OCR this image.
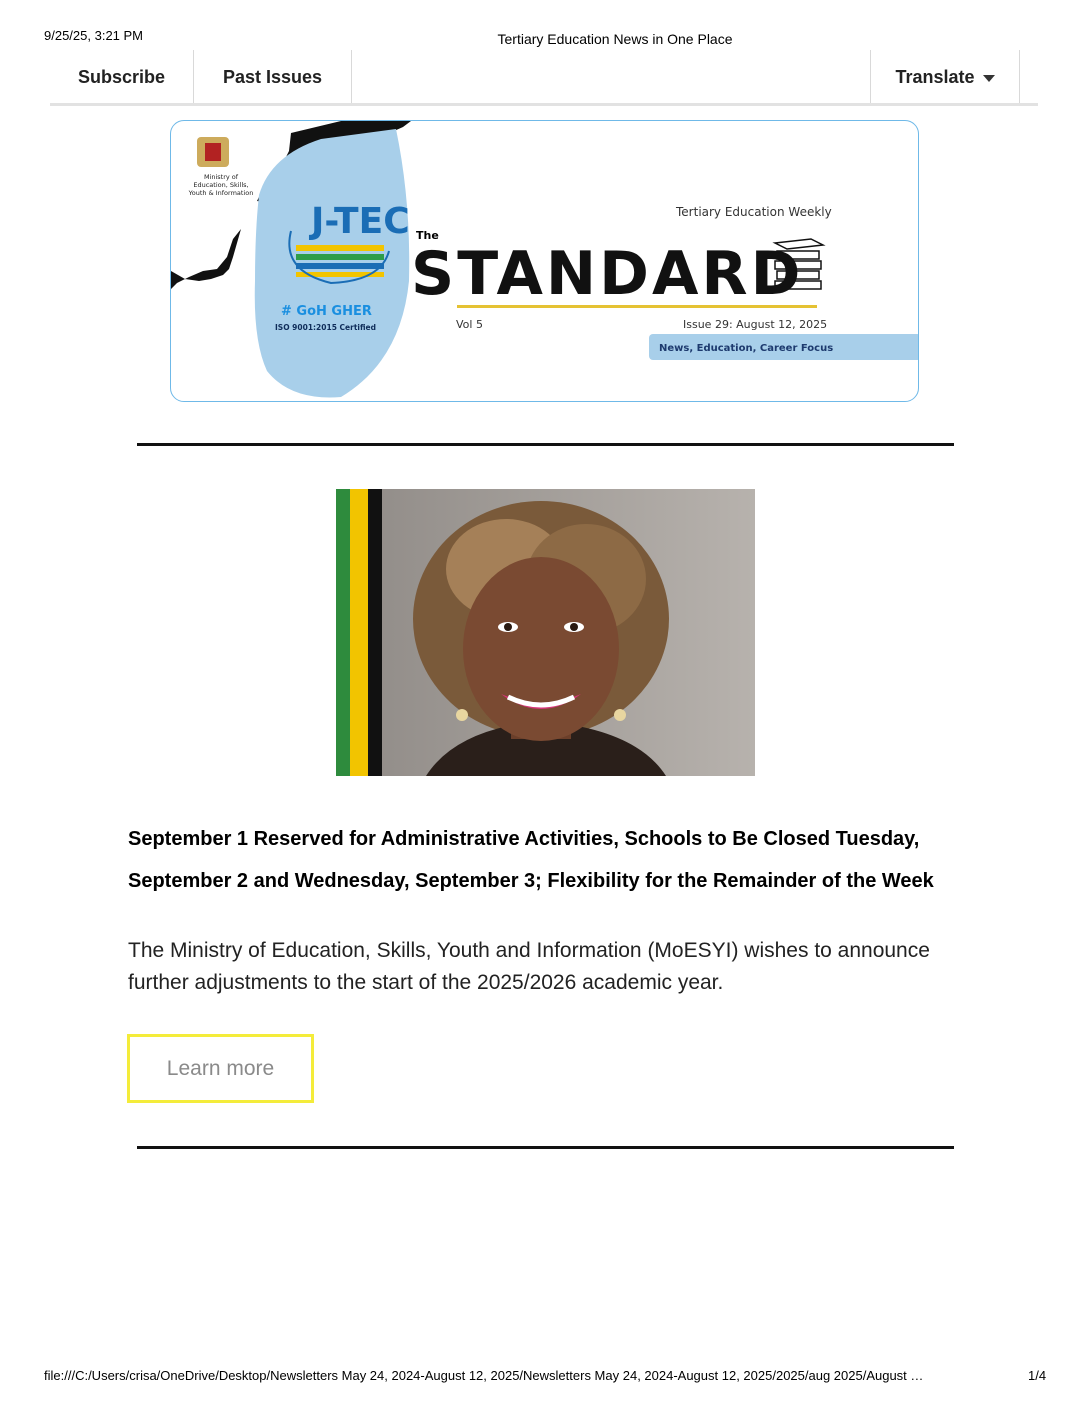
9/25/25, 3:21 PM	Tertiary Education News in One Place
Subscribe	Past Issues	Translate
Ministry of Education, Skills, Youth & Information
J-TEC
# GoH GHER
ISO 9001:2015 Certified
Tertiary Education Weekly
The
STANDARD
Vol 5	Issue 29: August 12, 2025
News, Education, Career Focus
September 1 Reserved for Administrative Activities, Schools to Be Closed Tuesday, September 2 and Wednesday, September 3; Flexibility for the Remainder of the Week
The Ministry of Education, Skills, Youth and Information (MoESYI) wishes to announce further adjustments to the start of the 2025/2026 academic year.
Learn more
file:///C:/Users/crisa/OneDrive/Desktop/Newsletters May 24, 2024-August 12, 2025/Newsletters May 24, 2024-August 12, 2025/2025/aug 2025/August …	1/4
